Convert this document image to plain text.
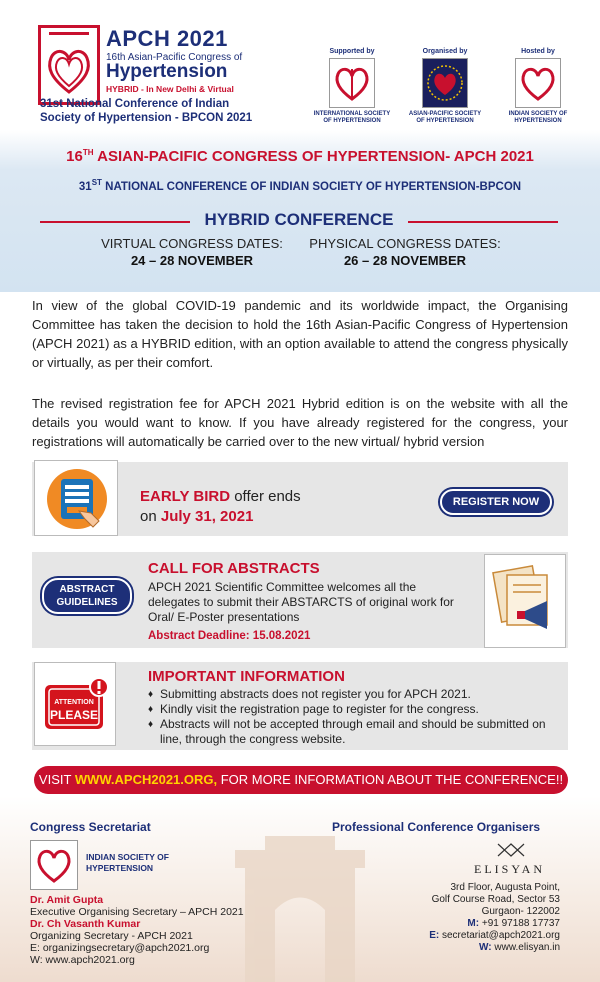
APCH 2021
16th Asian-Pacific Congress of
Hypertension
HYBRID - In New Delhi & Virtual
31st National Conference of Indian
Society of Hypertension - BPCON 2021
Supported by
INTERNATIONAL SOCIETY
OF HYPERTENSION
Organised by
ASIAN-PACIFIC SOCIETY
OF HYPERTENSION
Hosted by
INDIAN SOCIETY OF
HYPERTENSION
16TH ASIAN-PACIFIC CONGRESS OF HYPERTENSION- APCH 2021
31ST NATIONAL CONFERENCE OF INDIAN SOCIETY OF HYPERTENSION-BPCON
HYBRID CONFERENCE
VIRTUAL CONGRESS DATES:
24 – 28 NOVEMBER
PHYSICAL CONGRESS DATES:
26 – 28 NOVEMBER

In view of the global COVID-19 pandemic and its worldwide impact, the Organising Committee has taken the decision to hold the 16th Asian-Pacific Congress of Hypertension (APCH 2021) as a HYBRID edition, with an option available to attend the congress physically or virtually, as per their comfort.

The revised registration fee for APCH 2021 Hybrid edition is on the website with all the details you would want to know. If you have already registered for the congress, your registrations will automatically be carried over to the new virtual/ hybrid version

EARLY BIRD offer ends
on July 31, 2021
REGISTER NOW
ABSTRACT
GUIDELINES
CALL FOR ABSTRACTS
APCH 2021 Scientific Committee welcomes all the delegates to submit their ABSTARCTS of original work for Oral/ E-Poster presentations
Abstract Deadline: 15.08.2021
ATTENTION
PLEASE
IMPORTANT INFORMATION
♦ Submitting abstracts does not register you for APCH 2021.
♦ Kindly visit the registration page to register for the congress.
♦ Abstracts will not be accepted through email and should be submitted on line, through the congress website.
VISIT WWW.APCH2021.ORG, FOR MORE INFORMATION ABOUT THE CONFERENCE!!
Congress Secretariat
INDIAN SOCIETY OF
HYPERTENSION
Dr. Amit Gupta
Executive Organising Secretary – APCH 2021
Dr. Ch Vasanth Kumar
Organizing Secretary - APCH 2021
E: organizingsecretary@apch2021.org
W: www.apch2021.org
Professional Conference Organisers
ELISYAN
3rd Floor, Augusta Point,
Golf Course Road, Sector 53
Gurgaon- 122002
M: +91 97188 17737
E: secretariat@apch2021.org
W: www.elisyan.in
